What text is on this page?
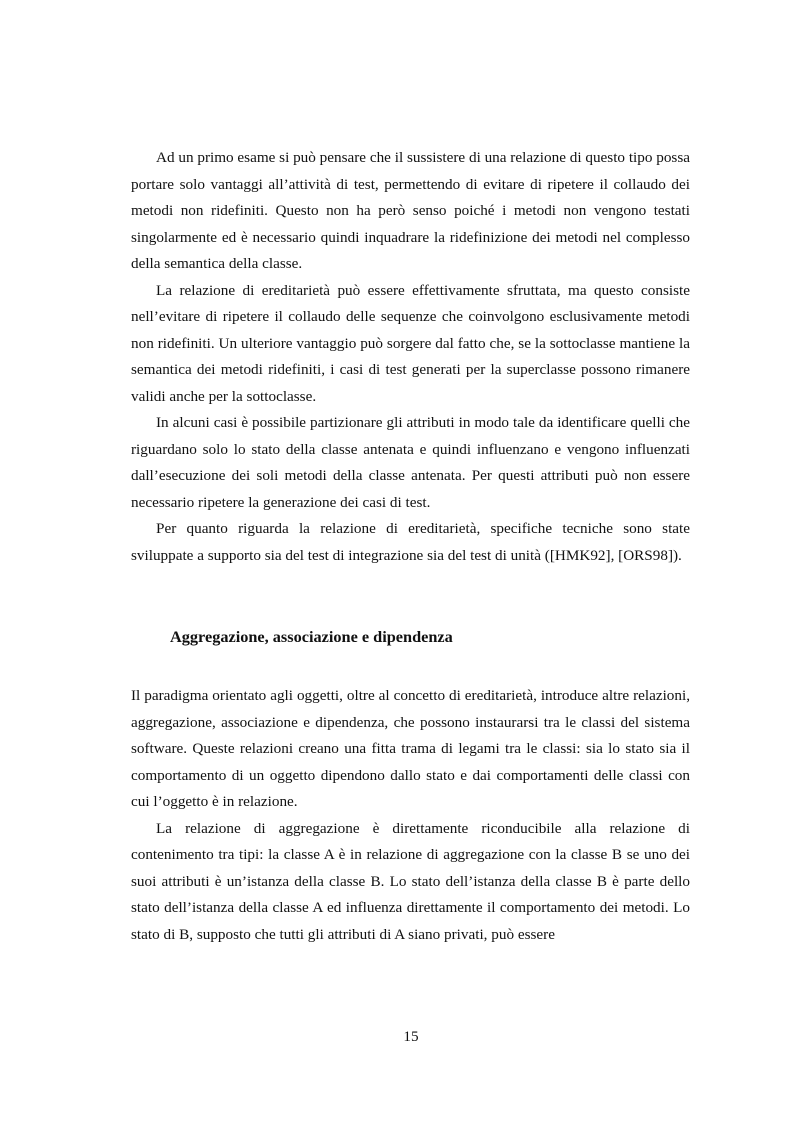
Ad un primo esame si può pensare che il sussistere di una relazione di questo tipo possa portare solo vantaggi all’attività di test, permettendo di evitare di ripetere il collaudo dei metodi non ridefiniti. Questo non ha però senso poiché i metodi non vengono testati singolarmente ed è necessario quindi inquadrare la ridefinizione dei metodi nel complesso della semantica della classe.

La relazione di ereditarietà può essere effettivamente sfruttata, ma questo consiste nell’evitare di ripetere il collaudo delle sequenze che coinvolgono esclusivamente metodi non ridefiniti. Un ulteriore vantaggio può sorgere dal fatto che, se la sottoclasse mantiene la semantica dei metodi ridefiniti, i casi di test generati per la superclasse possono rimanere validi anche per la sottoclasse.

In alcuni casi è possibile partizionare gli attributi in modo tale da identificare quelli che riguardano solo lo stato della classe antenata e quindi influenzano e vengono influenzati dall’esecuzione dei soli metodi della classe antenata. Per questi attributi può non essere necessario ripetere la generazione dei casi di test.

Per quanto riguarda la relazione di ereditarietà, specifiche tecniche sono state sviluppate a supporto sia del test di integrazione sia del test di unità ([HMK92], [ORS98]).

Aggregazione, associazione e dipendenza

Il paradigma orientato agli oggetti, oltre al concetto di ereditarietà, introduce altre relazioni, aggregazione, associazione e dipendenza, che possono instaurarsi tra le classi del sistema software. Queste relazioni creano una fitta trama di legami tra le classi: sia lo stato sia il comportamento di un oggetto dipendono dallo stato e dai comportamenti delle classi con cui l’oggetto è in relazione.

La relazione di aggregazione è direttamente riconducibile alla relazione di contenimento tra tipi: la classe A è in relazione di aggregazione con la classe B se uno dei suoi attributi è un’istanza della classe B. Lo stato dell’istanza della classe B è parte dello stato dell’istanza della classe A ed influenza direttamente il comportamento dei metodi. Lo stato di B, supposto che tutti gli attributi di A siano privati, può essere

15
